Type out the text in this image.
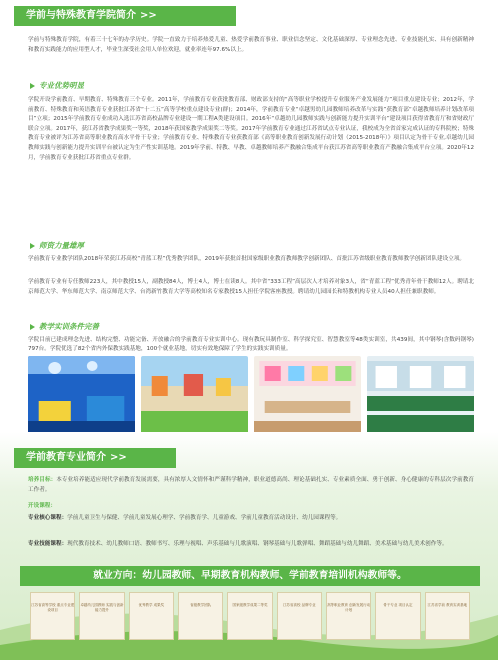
学前与特殊教育学院简介 >>
学前与特殊教育学院，有着三十七年的办学历史。学院一直致力于培养热爱儿童、热爱学前教育事业、职业信念坚定、文化基础深厚、专业理念先进、专业技能扎实、具有创新精神和教育实践能力的应用型人才，毕业生深受社会用人单位欢迎，就业率连年97.6%以上。
专业优势明显
学院开设学前教育、早期教育、特殊教育三个专业。2011年，学前教育专业获批教育部、财政部支持的“高等职业学校提升专业服务产业发展能力”项目重点建设专业；2012年，学前教育、特殊教育和英语教育专业获批江苏省“十二五”高等学校重点建设专业(群)；2014年，学前教育专业“卓越男幼儿园教师培养改革与实践”获教育部“卓越教师培养计划改革项目”立项；2015年学前教育专业成功入选江苏省高校品牌专业建设一期工程A类建设项目。2016年“卓越幼儿园教师实践与创新能力提升实训平台”建设项目获得省教育厅和省财政厅联合立项。2017年，获江苏省教学成果奖一等奖，2018年获国家教学成果奖二等奖。2017年学前教育专业通过江苏省试点专业认证，我校成为全省首家完成认证的专科院校；特殊教育专业被评为江苏省高等职业教育高水平骨干专业；学前教育专业、特殊教育专业获教育部《高等职业教育创新发展行动计划（2015-2018年）》项目认定为骨干专业,卓越幼儿园教师实践与创新能力提升实训平台被认定为生产性实训基地。2019年学前、特教、早教、卓越教师培养产教融合集成平台获江苏省高等职业教育产教融合集成平台立项。2020年12月，学前教育专业获批江苏省重点专业群。
师资力量雄厚
学前教育专业教学团队2018年荣获江苏高校“青蓝工程”优秀教学团队，2019年获批首批国家级职业教育教师教学创新团队、首批江苏省级职业教育教师教学创新团队建设立项。
学前教育专业有专任教师223人，其中教授15人，副教授84人，博士4人，博士在读8人。其中省“333工程”高层次人才培养对象3人，省“青蓝工程”优秀青年骨干教师12人。聘请北京师范大学、华东师范大学、南京师范大学、台湾新竹教育大学等高校知名专家教授15人担任学院客座教授。聘请幼儿园园长和特教机构专业人员40人担任兼职教师。
教学实训条件完善
学院目前已建成理念先进、结构完整、功能完备、开放融合的学前教育专业实训中心。现有教玩具制作室、科学探究室、智慧教室等48类实训室，共439间，其中钢琴(含数码钢琴) 797台。学院优选了82个省内外保教实践基地，100个就业基地，切实有效地保障了学生的实践实训质量。
学前教育专业简介 >>
培养目标：本专业培养能适应现代学前教育发展需要，具有浓厚人文情怀和严谨科学精神，职业道德高尚、理论基础扎实、专业素质全面、勇于创新、身心健康的专科层次学前教育工作者。
开设课程：
专业核心课程：学前儿童卫生与保健、学前儿童发展心理学、学前教育学、儿童游戏、学前儿童教育活动设计、幼儿园课程等。
专业技能课程：现代教育技术、幼儿教师口语、教师书写、乐理与视唱、声乐基础与儿歌演唱、钢琴基础与儿歌弹唱、舞蹈基础与幼儿舞蹈、美术基础与幼儿美术创作等。
就业方向：幼儿园教师、早期教育机构教师、学前教育培训机构教师等。
江苏省高等学校 重点专业建设项目
卓越幼儿园教师 实践与创新能力提升
优秀教学 成果奖	省级教学团队	国家级教学成果二等奖	江苏省高校 品牌专业	高等职业教育 创新发展行动计划
骨干专业 项目认定	江苏省学前 教育实训基地
